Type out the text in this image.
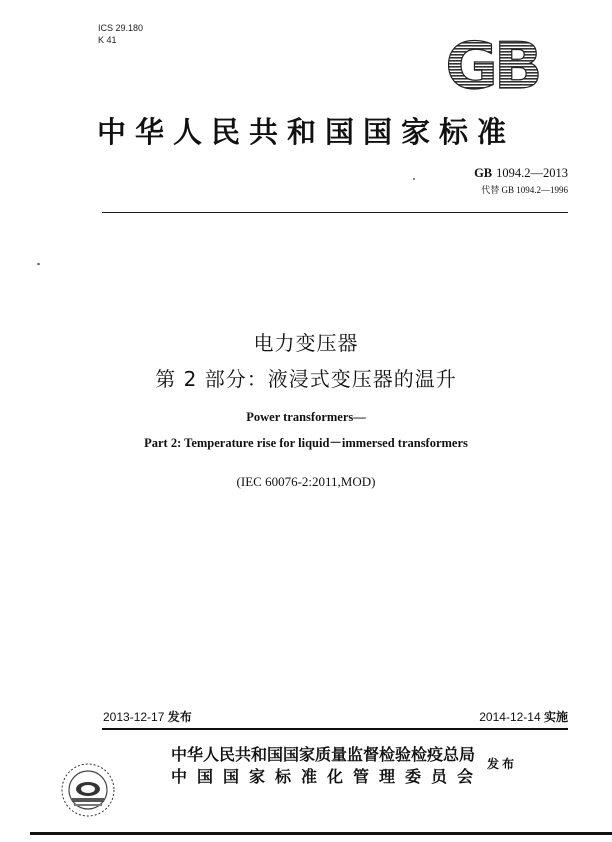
ICS 29.180
K 41	GB
中华人民共和国国家标准
GB 1094.2—2013
代替 GB 1094.2—1996
电力变压器
第 2 部分：液浸式变压器的温升
Power transformers—
Part 2: Temperature rise for liquid－immersed transformers
(IEC 60076-2:2011,MOD)
2013-12-17 发布	2014-12-14 实施
中华人民共和国国家质量监督检验检疫总局
中国国家标准化管理委员会
发布
